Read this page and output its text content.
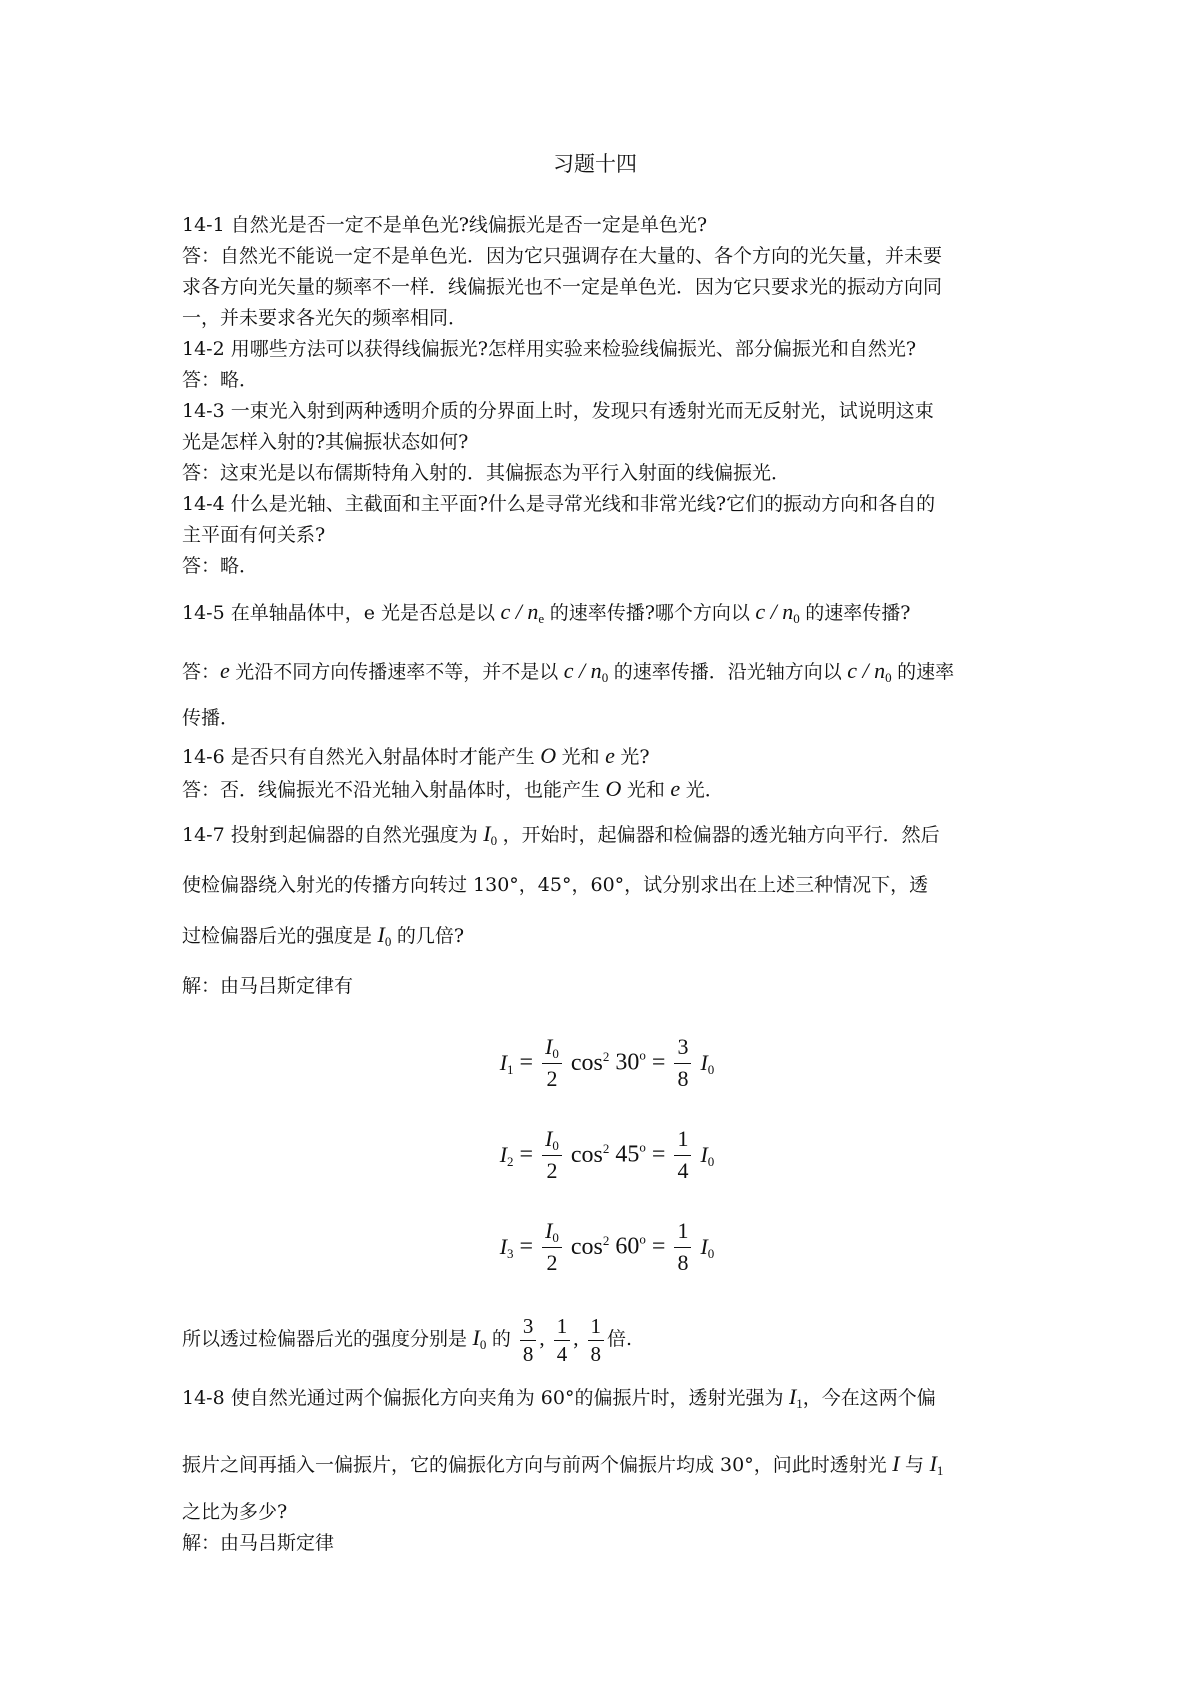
习题十四
14-1 自然光是否一定不是单色光?线偏振光是否一定是单色光?
答：自然光不能说一定不是单色光．因为它只强调存在大量的、各个方向的光矢量，并未要
求各方向光矢量的频率不一样．线偏振光也不一定是单色光．因为它只要求光的振动方向同
一，并未要求各光矢的频率相同．
14-2 用哪些方法可以获得线偏振光?怎样用实验来检验线偏振光、部分偏振光和自然光?
答：略．
14-3 一束光入射到两种透明介质的分界面上时，发现只有透射光而无反射光，试说明这束
光是怎样入射的?其偏振状态如何?
答：这束光是以布儒斯特角入射的．其偏振态为平行入射面的线偏振光．
14-4 什么是光轴、主截面和主平面?什么是寻常光线和非常光线?它们的振动方向和各自的
主平面有何关系?
答：略．
14-5 在单轴晶体中，e 光是否总是以 c / $n_e$ 的速率传播?哪个方向以 c / $n_0$ 的速率传播?
答：e 光沿不同方向传播速率不等，并不是以 c / $n_0$ 的速率传播．沿光轴方向以 c / $n_0$ 的速率
传播．
14-6 是否只有自然光入射晶体时才能产生 O 光和 e 光?
答：否．线偏振光不沿光轴入射晶体时，也能产生 O 光和 e 光．
14-7 投射到起偏器的自然光强度为 $I_0$ ，开始时，起偏器和检偏器的透光轴方向平行．然后
使检偏器绕入射光的传播方向转过 130°，45°，60°，试分别求出在上述三种情况下，透
过检偏器后光的强度是 $I_0$ 的几倍?
解：由马吕斯定律有
$I_1 = \frac{I_0}{2} \cos^2 30^o = \frac{3}{8} I_0$
$I_2 = \frac{I_0}{2} \cos^2 45^o = \frac{1}{4} I_0$
$I_3 = \frac{I_0}{2} \cos^2 60^o = \frac{1}{8} I_0$
所以透过检偏器后光的强度分别是 $I_0$ 的 $\frac{3}{8}$ , $\frac{1}{4}$ , $\frac{1}{8}$ 倍.
14-8 使自然光通过两个偏振化方向夹角为 60°的偏振片时，透射光强为 $I_1$，今在这两个偏
振片之间再插入一偏振片，它的偏振化方向与前两个偏振片均成 30°，问此时透射光 I 与 $I_1$
之比为多少?
解：由马吕斯定律
